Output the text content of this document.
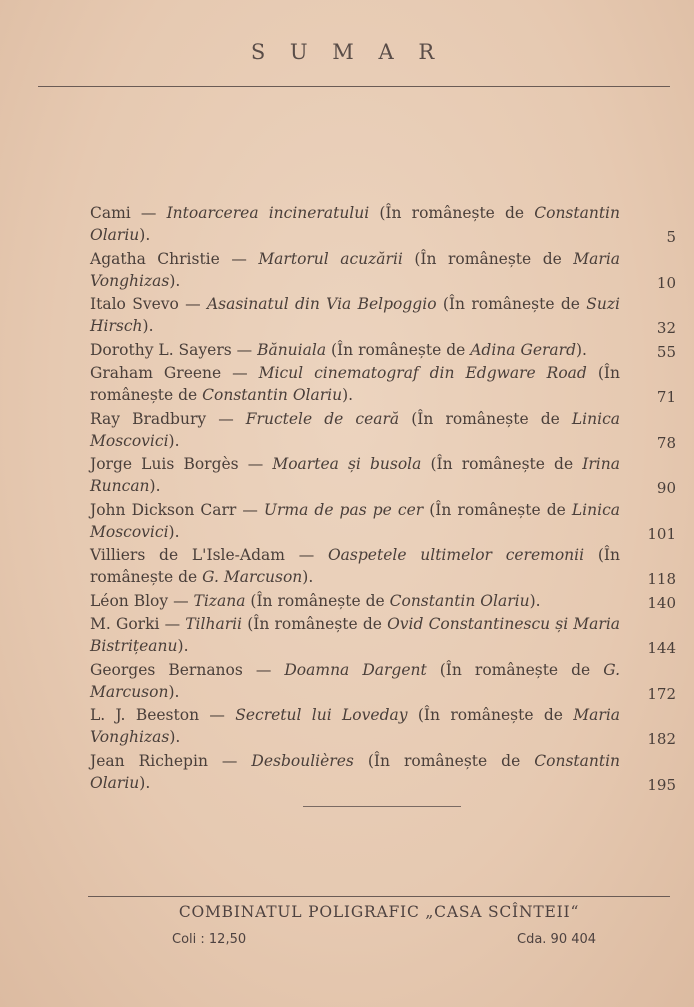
S U M A R
Cami — Intoarcerea incineratului (În românește de Constantin Olariu).	5
Agatha Christie — Martorul acuzării (În românește de Maria Vonghizas).	10
Italo Svevo — Asasinatul din Via Belpoggio (În românește de Suzi Hirsch).	32
Dorothy L. Sayers — Bănuiala (În românește de Adina Gerard).	55
Graham Greene — Micul cinematograf din Edgware Road (În românește de Constantin Olariu).	71
Ray Bradbury — Fructele de ceară (În românește de Linica Moscovici).	78
Jorge Luis Borgès — Moartea și busola (În românește de Irina Runcan).	90
John Dickson Carr — Urma de pas pe cer (În românește de Linica Moscovici).	101
Villiers de L'Isle-Adam — Oaspetele ultimelor ceremonii (În românește de G. Marcuson).	118
Léon Bloy — Tizana (În românește de Constantin Olariu).	140
M. Gorki — Tilharii (În românește de Ovid Constantinescu și Maria Bistrițeanu).	144
Georges Bernanos — Doamna Dargent (În românește de G. Marcuson).	172
L. J. Beeston — Secretul lui Loveday (În românește de Maria Vonghizas).	182
Jean Richepin — Desboulières (În românește de Constantin Olariu).	195
COMBINATUL POLIGRAFIC „CASA SCÎNTEII“
Coli : 12,50	Cda. 90 404
